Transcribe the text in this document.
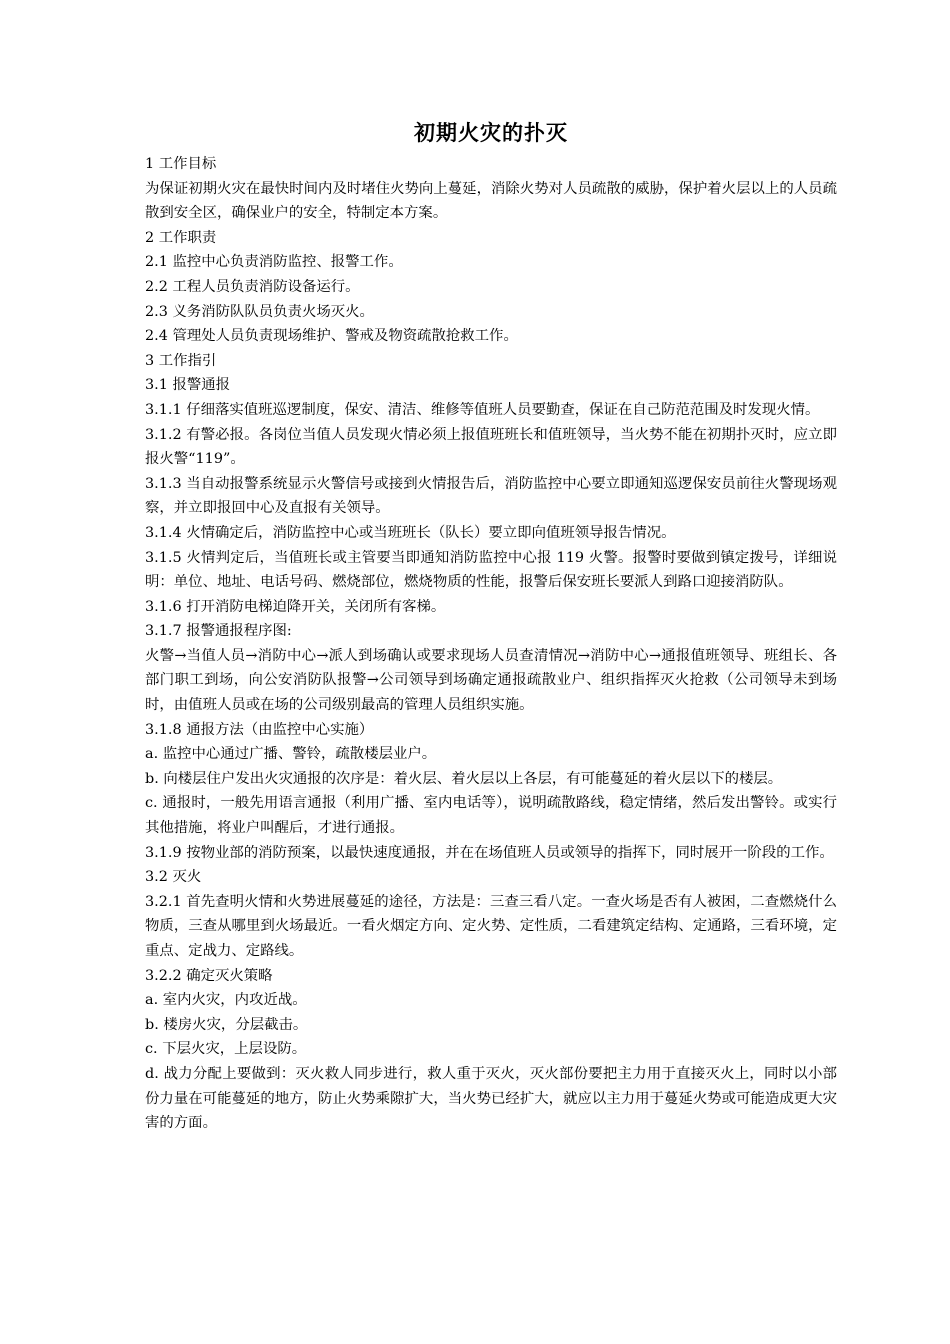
初期火灾的扑灭

1 工作目标

为保证初期火灾在最快时间内及时堵住火势向上蔓延，消除火势对人员疏散的威胁，保护着火层以上的人员疏散到安全区，确保业户的安全，特制定本方案。

2 工作职责

2.1 监控中心负责消防监控、报警工作。

2.2 工程人员负责消防设备运行。

2.3 义务消防队队员负责火场灭火。

2.4 管理处人员负责现场维护、警戒及物资疏散抢救工作。

3 工作指引

3.1 报警通报

3.1.1 仔细落实值班巡逻制度，保安、清洁、维修等值班人员要勤查，保证在自己防范范围及时发现火情。

3.1.2 有警必报。各岗位当值人员发现火情必须上报值班班长和值班领导，当火势不能在初期扑灭时，应立即报火警“119”。

3.1.3 当自动报警系统显示火警信号或接到火情报告后，消防监控中心要立即通知巡逻保安员前往火警现场观察，并立即报回中心及直报有关领导。

3.1.4 火情确定后，消防监控中心或当班班长（队长）要立即向值班领导报告情况。

3.1.5 火情判定后，当值班长或主管要当即通知消防监控中心报 119 火警。报警时要做到镇定拨号，详细说明：单位、地址、电话号码、燃烧部位，燃烧物质的性能，报警后保安班长要派人到路口迎接消防队。

3.1.6 打开消防电梯迫降开关，关闭所有客梯。

3.1.7 报警通报程序图:

火警→当值人员→消防中心→派人到场确认或要求现场人员查清情况→消防中心→通报值班领导、班组长、各部门职工到场，向公安消防队报警→公司领导到场确定通报疏散业户、组织指挥灭火抢救（公司领导未到场时，由值班人员或在场的公司级别最高的管理人员组织实施。

3.1.8 通报方法（由监控中心实施）

a. 监控中心通过广播、警铃，疏散楼层业户。

b. 向楼层住户发出火灾通报的次序是：着火层、着火层以上各层，有可能蔓延的着火层以下的楼层。

c. 通报时，一般先用语言通报（利用广播、室内电话等），说明疏散路线，稳定情绪，然后发出警铃。或实行其他措施，将业户叫醒后，才进行通报。

3.1.9 按物业部的消防预案，以最快速度通报，并在在场值班人员或领导的指挥下，同时展开一阶段的工作。

3.2 灭火

3.2.1 首先查明火情和火势进展蔓延的途径，方法是：三查三看八定。一查火场是否有人被困，二查燃烧什么物质，三查从哪里到火场最近。一看火烟定方向、定火势、定性质，二看建筑定结构、定通路，三看环境，定重点、定战力、定路线。

3.2.2 确定灭火策略

a. 室内火灾，内攻近战。

b. 楼房火灾，分层截击。

c. 下层火灾，上层设防。

d. 战力分配上要做到：灭火救人同步进行，救人重于灭火，灭火部份要把主力用于直接灭火上，同时以小部份力量在可能蔓延的地方，防止火势乘隙扩大，当火势已经扩大，就应以主力用于蔓延火势或可能造成更大灾害的方面。
